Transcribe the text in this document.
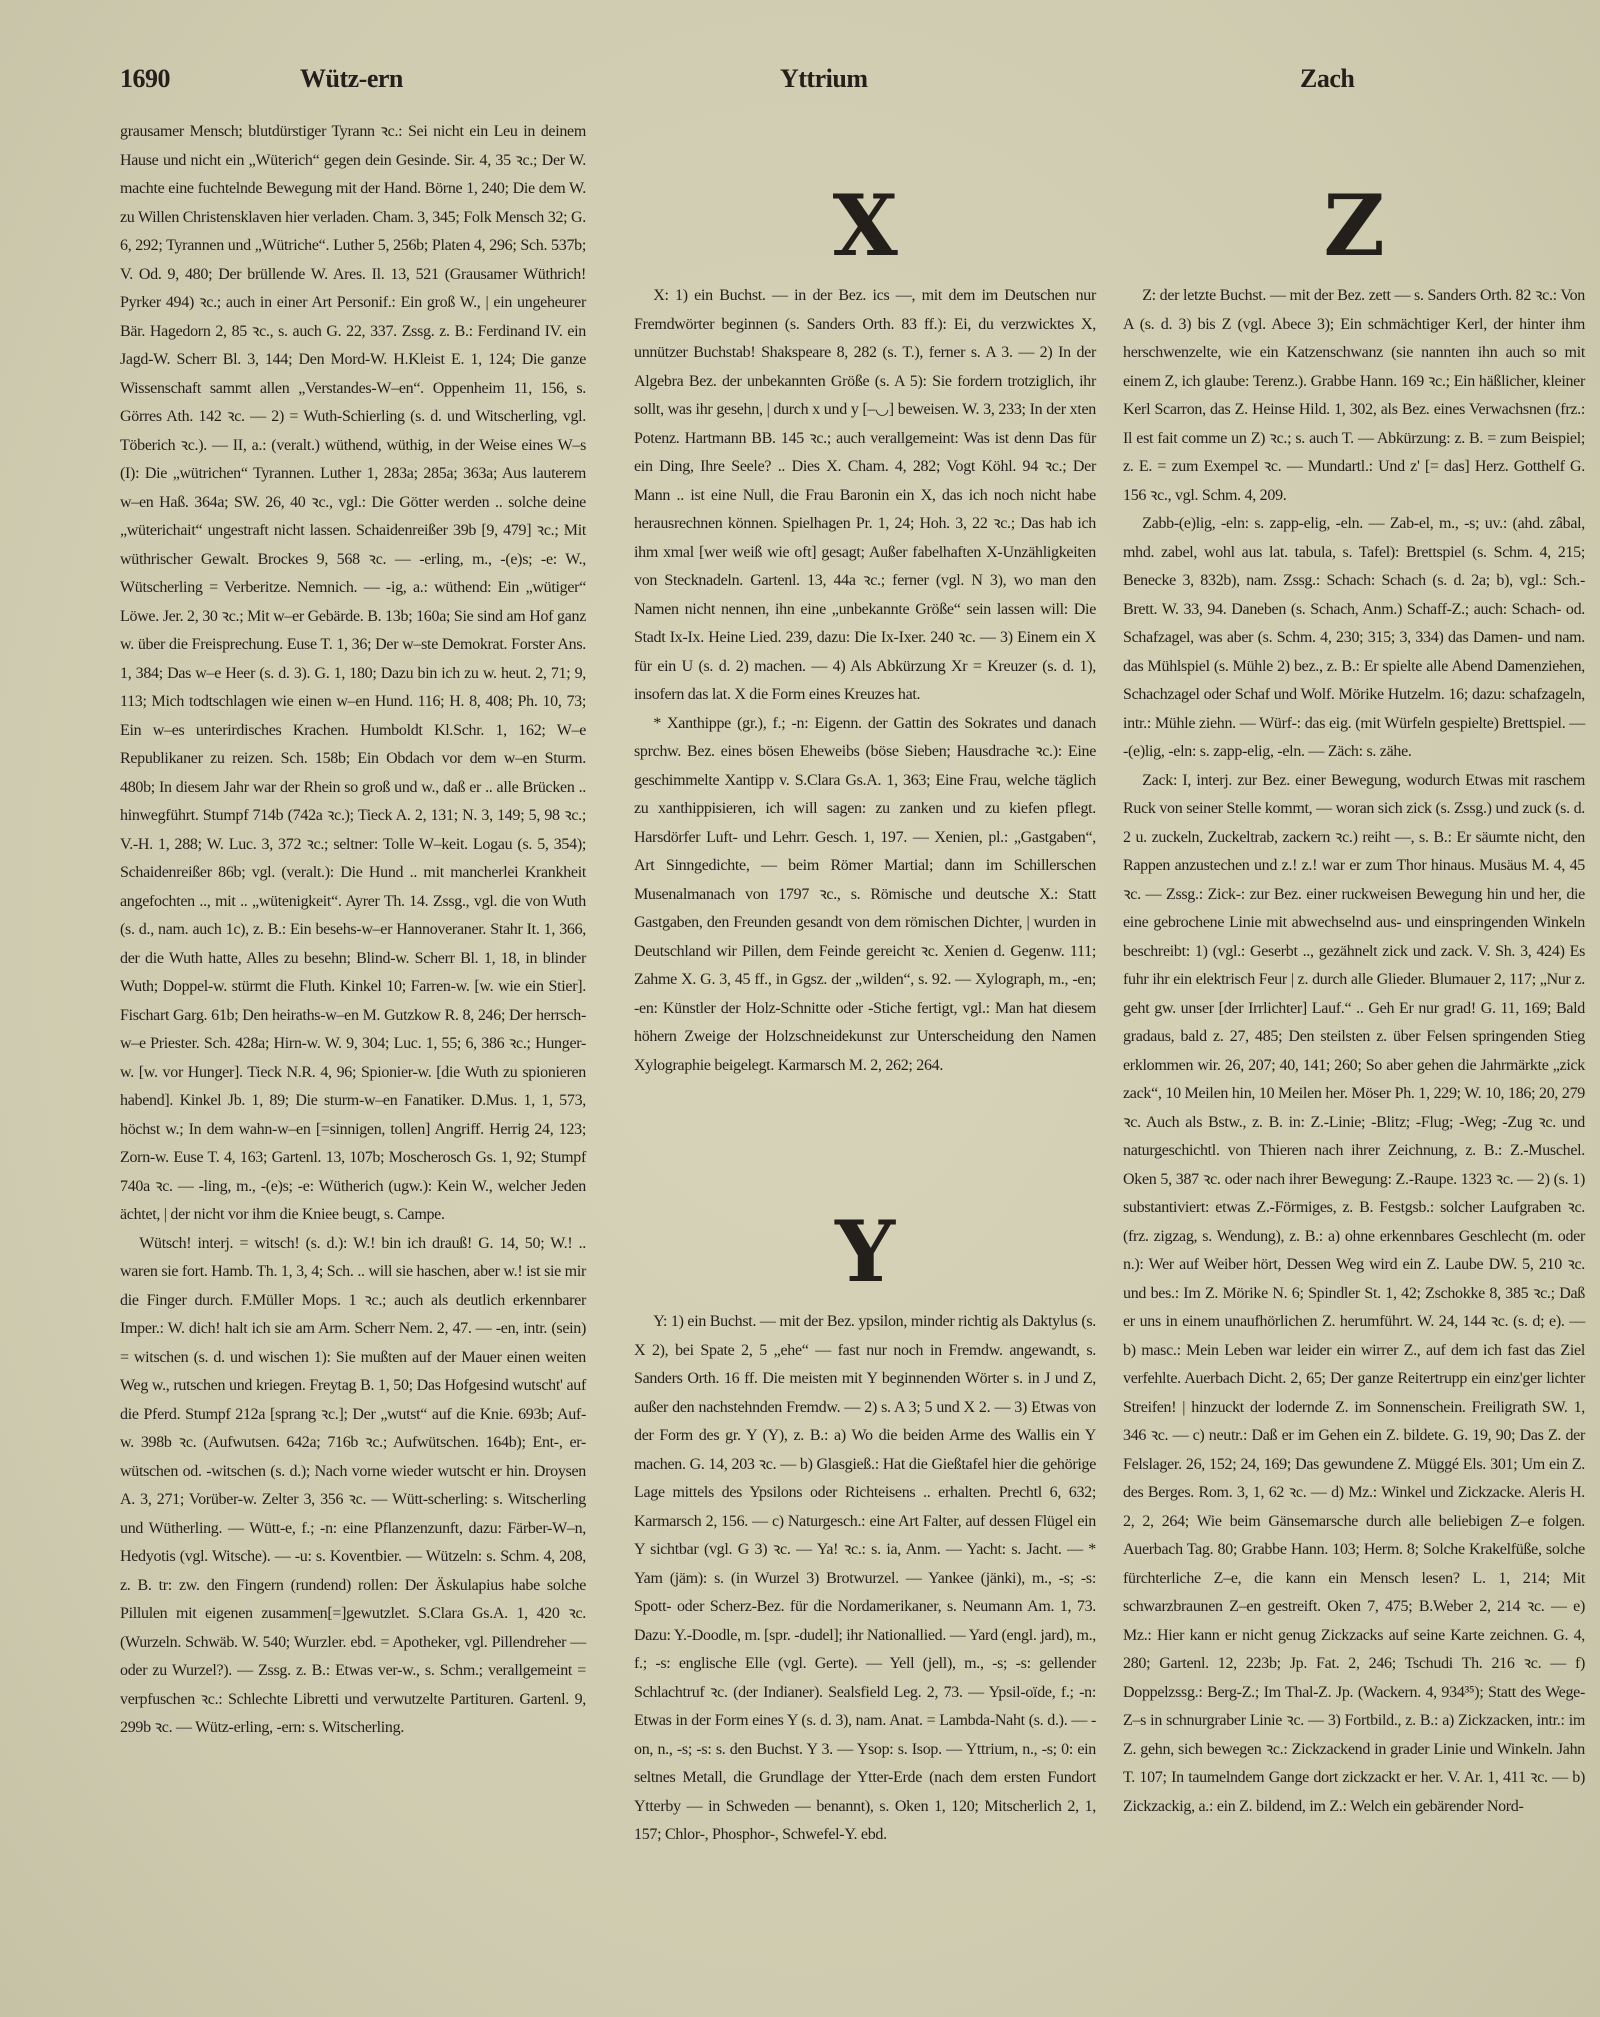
1690	Wütz-ern	Yttrium	Zach

grausamer Mensch; blutdürstiger Tyrann ꝛc.: Sei nicht ein Leu in deinem Hause und nicht ein „Wüterich“ gegen dein Gesinde. Sir. 4, 35 ꝛc.; Der W. machte eine fuchtelnde Bewegung mit der Hand. Börne 1, 240; Die dem W. zu Willen Christensklaven hier verladen. Cham. 3, 345; Folk Mensch 32; G. 6, 292; Tyrannen und „Wütriche“. Luther 5, 256b; Platen 4, 296; Sch. 537b; V. Od. 9, 480; Der brüllende W. Ares. Il. 13, 521 (Grausamer Wüthrich! Pyrker 494) ꝛc.; auch in einer Art Personif.: Ein groß W., | ein ungeheurer Bär. Hagedorn 2, 85 ꝛc., s. auch G. 22, 337. Zssg. z. B.: Ferdinand IV. ein Jagd-W. Scherr Bl. 3, 144; Den Mord-W. H.Kleist E. 1, 124; Die ganze Wissenschaft sammt allen „Verstandes-W–en“. Oppenheim 11, 156, s. Görres Ath. 142 ꝛc. — 2) = Wuth-Schierling (s. d. und Witscherling, vgl. Töberich ꝛc.). — II, a.: (veralt.) wüthend, wüthig, in der Weise eines W–s (I): Die „wütrichen“ Tyrannen. Luther 1, 283a; 285a; 363a; Aus lauterem w–en Haß. 364a; SW. 26, 40 ꝛc., vgl.: Die Götter werden .. solche deine „wüterichait“ ungestraft nicht lassen. Schaidenreißer 39b [9, 479] ꝛc.; Mit wüthrischer Gewalt. Brockes 9, 568 ꝛc. — -erling, m., -(e)s; -e: W., Wütscherling = Verberitze. Nemnich. — -ig, a.: wüthend: Ein „wütiger“ Löwe. Jer. 2, 30 ꝛc.; Mit w–er Gebärde. B. 13b; 160a; Sie sind am Hof ganz w. über die Freisprechung. Euse T. 1, 36; Der w–ste Demokrat. Forster Ans. 1, 384; Das w–e Heer (s. d. 3). G. 1, 180; Dazu bin ich zu w. heut. 2, 71; 9, 113; Mich todtschlagen wie einen w–en Hund. 116; H. 8, 408; Ph. 10, 73; Ein w–es unterirdisches Krachen. Humboldt Kl.Schr. 1, 162; W–e Republikaner zu reizen. Sch. 158b; Ein Obdach vor dem w–en Sturm. 480b; In diesem Jahr war der Rhein so groß und w., daß er .. alle Brücken .. hinwegführt. Stumpf 714b (742a ꝛc.); Tieck A. 2, 131; N. 3, 149; 5, 98 ꝛc.; V.-H. 1, 288; W. Luc. 3, 372 ꝛc.; seltner: Tolle W–keit. Logau (s. 5, 354); Schaidenreißer 86b; vgl. (veralt.): Die Hund .. mit mancherlei Krankheit angefochten .., mit .. „wütenigkeit“. Ayrer Th. 14. Zssg., vgl. die von Wuth (s. d., nam. auch 1c), z. B.: Ein besehs-w–er Hannoveraner. Stahr It. 1, 366, der die Wuth hatte, Alles zu besehn; Blind-w. Scherr Bl. 1, 18, in blinder Wuth; Doppel-w. stürmt die Fluth. Kinkel 10; Farren-w. [w. wie ein Stier]. Fischart Garg. 61b; Den heiraths-w–en M. Gutzkow R. 8, 246; Der herrsch-w–e Priester. Sch. 428a; Hirn-w. W. 9, 304; Luc. 1, 55; 6, 386 ꝛc.; Hunger-w. [w. vor Hunger]. Tieck N.R. 4, 96; Spionier-w. [die Wuth zu spionieren habend]. Kinkel Jb. 1, 89; Die sturm-w–en Fanatiker. D.Mus. 1, 1, 573, höchst w.; In dem wahn-w–en [=sinnigen, tollen] Angriff. Herrig 24, 123; Zorn-w. Euse T. 4, 163; Gartenl. 13, 107b; Moscherosch Gs. 1, 92; Stumpf 740a ꝛc. — -ling, m., -(e)s; -e: Wütherich (ugw.): Kein W., welcher Jeden ächtet, | der nicht vor ihm die Kniee beugt, s. Campe.

Wütsch! interj. = witsch! (s. d.): W.! bin ich drauß! G. 14, 50; W.! .. waren sie fort. Hamb. Th. 1, 3, 4; Sch. .. will sie haschen, aber w.! ist sie mir die Finger durch. F.Müller Mops. 1 ꝛc.; auch als deutlich erkennbarer Imper.: W. dich! halt ich sie am Arm. Scherr Nem. 2, 47. — -en, intr. (sein) = witschen (s. d. und wischen 1): Sie mußten auf der Mauer einen weiten Weg w., rutschen und kriegen. Freytag B. 1, 50; Das Hofgesind wutscht' auf die Pferd. Stumpf 212a [sprang ꝛc.]; Der „wutst“ auf die Knie. 693b; Auf-w. 398b ꝛc. (Aufwutsen. 642a; 716b ꝛc.; Aufwütschen. 164b); Ent-, er-wütschen od. -witschen (s. d.); Nach vorne wieder wutscht er hin. Droysen A. 3, 271; Vorüber-w. Zelter 3, 356 ꝛc. — Wütt-scherling: s. Witscherling und Wütherling. — Wütt-e, f.; -n: eine Pflanzenzunft, dazu: Färber-W–n, Hedyotis (vgl. Witsche). — -u: s. Koventbier. — Wützeln: s. Schm. 4, 208, z. B. tr: zw. den Fingern (rundend) rollen: Der Äskulapius habe solche Pillulen mit eigenen zusammen[=]gewutzlet. S.Clara Gs.A. 1, 420 ꝛc. (Wurzeln. Schwäb. W. 540; Wurzler. ebd. = Apotheker, vgl. Pillendreher — oder zu Wurzel?). — Zssg. z. B.: Etwas ver-w., s. Schm.; verallgemeint = verpfuschen ꝛc.: Schlechte Libretti und verwutzelte Partituren. Gartenl. 9, 299b ꝛc. — Wütz-erling, -ern: s. Witscherling.

X

X: 1) ein Buchst. — in der Bez. ics —, mit dem im Deutschen nur Fremdwörter beginnen (s. Sanders Orth. 83 ff.): Ei, du verzwicktes X, unnützer Buchstab! Shakspeare 8, 282 (s. T.), ferner s. A 3. — 2) In der Algebra Bez. der unbekannten Größe (s. A 5): Sie fordern trotziglich, ihr sollt, was ihr gesehn, | durch x und y [–◡] beweisen. W. 3, 233; In der xten Potenz. Hartmann BB. 145 ꝛc.; auch verallgemeint: Was ist denn Das für ein Ding, Ihre Seele? .. Dies X. Cham. 4, 282; Vogt Köhl. 94 ꝛc.; Der Mann .. ist eine Null, die Frau Baronin ein X, das ich noch nicht habe herausrechnen können. Spielhagen Pr. 1, 24; Hoh. 3, 22 ꝛc.; Das hab ich ihm xmal [wer weiß wie oft] gesagt; Außer fabelhaften X-Unzähligkeiten von Stecknadeln. Gartenl. 13, 44a ꝛc.; ferner (vgl. N 3), wo man den Namen nicht nennen, ihn eine „unbekannte Größe“ sein lassen will: Die Stadt Ix-Ix. Heine Lied. 239, dazu: Die Ix-Ixer. 240 ꝛc. — 3) Einem ein X für ein U (s. d. 2) machen. — 4) Als Abkürzung Xr = Kreuzer (s. d. 1), insofern das lat. X die Form eines Kreuzes hat.

* Xanthippe (gr.), f.; -n: Eigenn. der Gattin des Sokrates und danach sprchw. Bez. eines bösen Eheweibs (böse Sieben; Hausdrache ꝛc.): Eine geschimmelte Xantipp v. S.Clara Gs.A. 1, 363; Eine Frau, welche täglich zu xanthippisieren, ich will sagen: zu zanken und zu kiefen pflegt. Harsdörfer Luft- und Lehrr. Gesch. 1, 197. — Xenien, pl.: „Gastgaben“, Art Sinngedichte, — beim Römer Martial; dann im Schillerschen Musenalmanach von 1797 ꝛc., s. Römische und deutsche X.: Statt Gastgaben, den Freunden gesandt von dem römischen Dichter, | wurden in Deutschland wir Pillen, dem Feinde gereicht ꝛc. Xenien d. Gegenw. 111; Zahme X. G. 3, 45 ff., in Ggsz. der „wilden“, s. 92. — Xylograph, m., -en; -en: Künstler der Holz-Schnitte oder -Stiche fertigt, vgl.: Man hat diesem höhern Zweige der Holzschneidekunst zur Unterscheidung den Namen Xylographie beigelegt. Karmarsch M. 2, 262; 264.

Y

Y: 1) ein Buchst. — mit der Bez. ypsilon, minder richtig als Daktylus (s. X 2), bei Spate 2, 5 „ehe“ — fast nur noch in Fremdw. angewandt, s. Sanders Orth. 16 ff. Die meisten mit Y beginnenden Wörter s. in J und Z, außer den nachstehnden Fremdw. — 2) s. A 3; 5 und X 2. — 3) Etwas von der Form des gr. Y (Y), z. B.: a) Wo die beiden Arme des Wallis ein Y machen. G. 14, 203 ꝛc. — b) Glasgieß.: Hat die Gießtafel hier die gehörige Lage mittels des Ypsilons oder Richteisens .. erhalten. Prechtl 6, 632; Karmarsch 2, 156. — c) Naturgesch.: eine Art Falter, auf dessen Flügel ein Y sichtbar (vgl. G 3) ꝛc. — Ya! ꝛc.: s. ia, Anm. — Yacht: s. Jacht. — * Yam (jäm): s. (in Wurzel 3) Brotwurzel. — Yankee (jänki), m., -s; -s: Spott- oder Scherz-Bez. für die Nordamerikaner, s. Neumann Am. 1, 73. Dazu: Y.-Doodle, m. [spr. -dudel]; ihr Nationallied. — Yard (engl. jard), m., f.; -s: englische Elle (vgl. Gerte). — Yell (jell), m., -s; -s: gellender Schlachtruf ꝛc. (der Indianer). Sealsfield Leg. 2, 73. — Ypsil-oïde, f.; -n: Etwas in der Form eines Y (s. d. 3), nam. Anat. = Lambda-Naht (s. d.). — -on, n., -s; -s: s. den Buchst. Y 3. — Ysop: s. Isop. — Yttrium, n., -s; 0: ein seltnes Metall, die Grundlage der Ytter-Erde (nach dem ersten Fundort Ytterby — in Schweden — benannt), s. Oken 1, 120; Mitscherlich 2, 1, 157; Chlor-, Phosphor-, Schwefel-Y. ebd.

Z

Z: der letzte Buchst. — mit der Bez. zett — s. Sanders Orth. 82 ꝛc.: Von A (s. d. 3) bis Z (vgl. Abece 3); Ein schmächtiger Kerl, der hinter ihm herschwenzelte, wie ein Katzenschwanz (sie nannten ihn auch so mit einem Z, ich glaube: Terenz.). Grabbe Hann. 169 ꝛc.; Ein häßlicher, kleiner Kerl Scarron, das Z. Heinse Hild. 1, 302, als Bez. eines Verwachsnen (frz.: Il est fait comme un Z) ꝛc.; s. auch T. — Abkürzung: z. B. = zum Beispiel; z. E. = zum Exempel ꝛc. — Mundartl.: Und z' [= das] Herz. Gotthelf G. 156 ꝛc., vgl. Schm. 4, 209.

Zabb-(e)lig, -eln: s. zapp-elig, -eln. — Zab-el, m., -s; uv.: (ahd. zâbal, mhd. zabel, wohl aus lat. tabula, s. Tafel): Brettspiel (s. Schm. 4, 215; Benecke 3, 832b), nam. Zssg.: Schach: Schach (s. d. 2a; b), vgl.: Sch.-Brett. W. 33, 94. Daneben (s. Schach, Anm.) Schaff-Z.; auch: Schach- od. Schafzagel, was aber (s. Schm. 4, 230; 315; 3, 334) das Damen- und nam. das Mühlspiel (s. Mühle 2) bez., z. B.: Er spielte alle Abend Damenziehen, Schachzagel oder Schaf und Wolf. Mörike Hutzelm. 16; dazu: schafzageln, intr.: Mühle ziehn. — Würf-: das eig. (mit Würfeln gespielte) Brettspiel. — -(e)lig, -eln: s. zapp-elig, -eln. — Zäch: s. zähe.

Zack: I, interj. zur Bez. einer Bewegung, wodurch Etwas mit raschem Ruck von seiner Stelle kommt, — woran sich zick (s. Zssg.) und zuck (s. d. 2 u. zuckeln, Zuckeltrab, zackern ꝛc.) reiht —, s. B.: Er säumte nicht, den Rappen anzustechen und z.! z.! war er zum Thor hinaus. Musäus M. 4, 45 ꝛc. — Zssg.: Zick-: zur Bez. einer ruckweisen Bewegung hin und her, die eine gebrochene Linie mit abwechselnd aus- und einspringenden Winkeln beschreibt: 1) (vgl.: Geserbt .., gezähnelt zick und zack. V. Sh. 3, 424) Es fuhr ihr ein elektrisch Feur | z. durch alle Glieder. Blumauer 2, 117; „Nur z. geht gw. unser [der Irrlichter] Lauf.“ .. Geh Er nur grad! G. 11, 169; Bald gradaus, bald z. 27, 485; Den steilsten z. über Felsen springenden Stieg erklommen wir. 26, 207; 40, 141; 260; So aber gehen die Jahrmärkte „zick zack“, 10 Meilen hin, 10 Meilen her. Möser Ph. 1, 229; W. 10, 186; 20, 279 ꝛc. Auch als Bstw., z. B. in: Z.-Linie; -Blitz; -Flug; -Weg; -Zug ꝛc. und naturgeschichtl. von Thieren nach ihrer Zeichnung, z. B.: Z.-Muschel. Oken 5, 387 ꝛc. oder nach ihrer Bewegung: Z.-Raupe. 1323 ꝛc. — 2) (s. 1) substantiviert: etwas Z.-Förmiges, z. B. Festgsb.: solcher Laufgraben ꝛc. (frz. zigzag, s. Wendung), z. B.: a) ohne erkennbares Geschlecht (m. oder n.): Wer auf Weiber hört, Dessen Weg wird ein Z. Laube DW. 5, 210 ꝛc. und bes.: Im Z. Mörike N. 6; Spindler St. 1, 42; Zschokke 8, 385 ꝛc.; Daß er uns in einem unaufhörlichen Z. herumführt. W. 24, 144 ꝛc. (s. d; e). — b) masc.: Mein Leben war leider ein wirrer Z., auf dem ich fast das Ziel verfehlte. Auerbach Dicht. 2, 65; Der ganze Reitertrupp ein einz'ger lichter Streifen! | hinzuckt der lodernde Z. im Sonnenschein. Freiligrath SW. 1, 346 ꝛc. — c) neutr.: Daß er im Gehen ein Z. bildete. G. 19, 90; Das Z. der Felslager. 26, 152; 24, 169; Das gewundene Z. Müggé Els. 301; Um ein Z. des Berges. Rom. 3, 1, 62 ꝛc. — d) Mz.: Winkel und Zickzacke. Aleris H. 2, 2, 264; Wie beim Gänsemarsche durch alle beliebigen Z–e folgen. Auerbach Tag. 80; Grabbe Hann. 103; Herm. 8; Solche Krakelfüße, solche fürchterliche Z–e, die kann ein Mensch lesen? L. 1, 214; Mit schwarzbraunen Z–en gestreift. Oken 7, 475; B.Weber 2, 214 ꝛc. — e) Mz.: Hier kann er nicht genug Zickzacks auf seine Karte zeichnen. G. 4, 280; Gartenl. 12, 223b; Jp. Fat. 2, 246; Tschudi Th. 216 ꝛc. — f) Doppelzssg.: Berg-Z.; Im Thal-Z. Jp. (Wackern. 4, 934³⁵); Statt des Wege-Z–s in schnurgraber Linie ꝛc. — 3) Fortbild., z. B.: a) Zickzacken, intr.: im Z. gehn, sich bewegen ꝛc.: Zickzackend in grader Linie und Winkeln. Jahn T. 107; In taumelndem Gange dort zickzackt er her. V. Ar. 1, 411 ꝛc. — b) Zickzackig, a.: ein Z. bildend, im Z.: Welch ein gebärender Nord-
